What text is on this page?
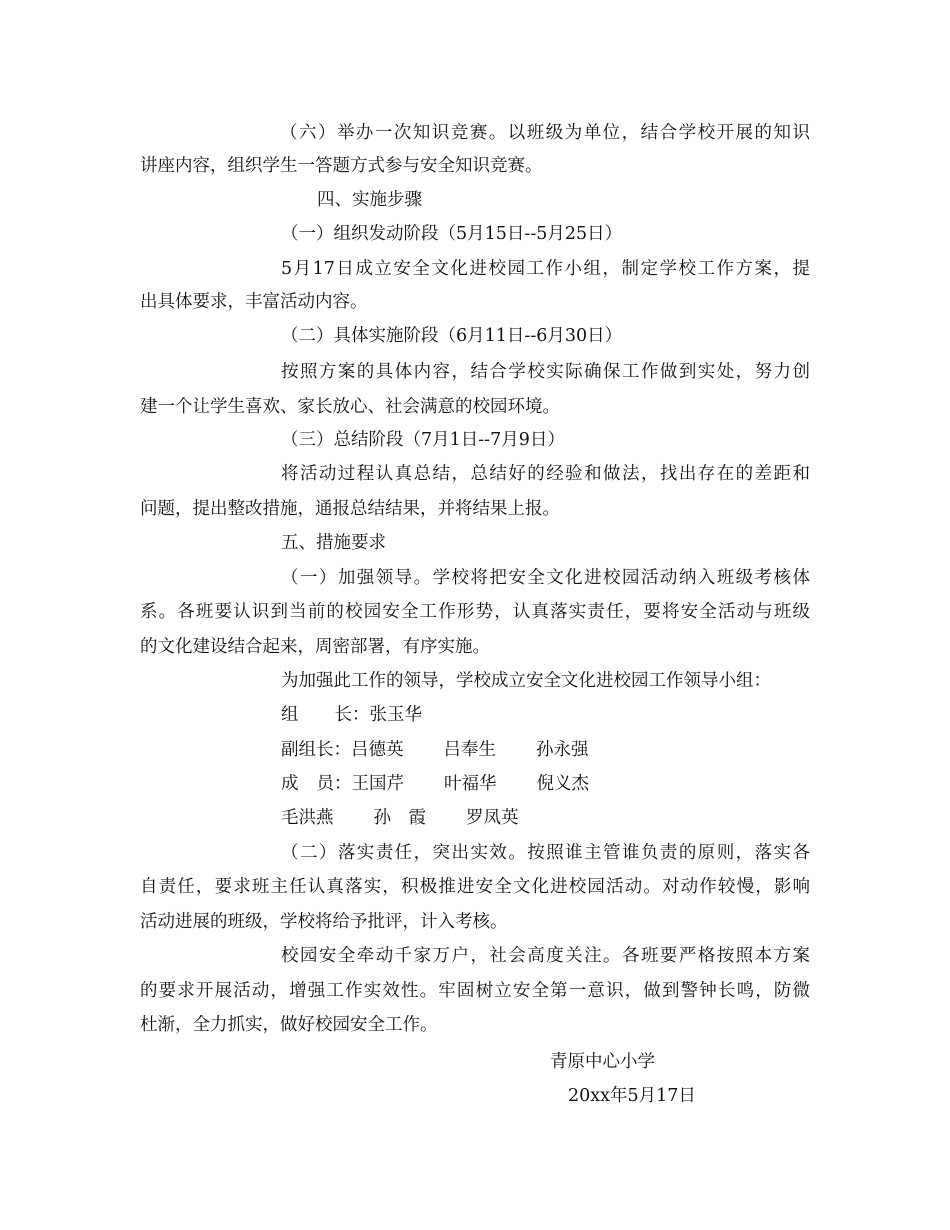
（六）举办一次知识竞赛。以班级为单位，结合学校开展的知识
讲座内容，组织学生一答题方式参与安全知识竞赛。
四、实施步骤
（一）组织发动阶段（5月15日--5月25日）
5月17日成立安全文化进校园工作小组，制定学校工作方案，提
出具体要求，丰富活动内容。
（二）具体实施阶段（6月11日--6月30日）
按照方案的具体内容，结合学校实际确保工作做到实处，努力创
建一个让学生喜欢、家长放心、社会满意的校园环境。
（三）总结阶段（7月1日--7月9日）
将活动过程认真总结，总结好的经验和做法，找出存在的差距和
问题，提出整改措施，通报总结结果，并将结果上报。
五、措施要求
（一）加强领导。学校将把安全文化进校园活动纳入班级考核体
系。各班要认识到当前的校园安全工作形势，认真落实责任，要将安全活动与班级
的文化建设结合起来，周密部署，有序实施。
为加强此工作的领导，学校成立安全文化进校园工作领导小组：
组 长：张玉华
副组长：吕德英 吕奉生 孙永强
成 员：王国芹 叶福华 倪义杰
毛洪燕 孙　霞 罗凤英
（二）落实责任，突出实效。按照谁主管谁负责的原则，落实各
自责任，要求班主任认真落实，积极推进安全文化进校园活动。对动作较慢，影响
活动进展的班级，学校将给予批评，计入考核。
校园安全牵动千家万户，社会高度关注。各班要严格按照本方案
的要求开展活动，增强工作实效性。牢固树立安全第一意识，做到警钟长鸣，防微
杜渐，全力抓实，做好校园安全工作。
青原中心小学
20xx年5月17日
